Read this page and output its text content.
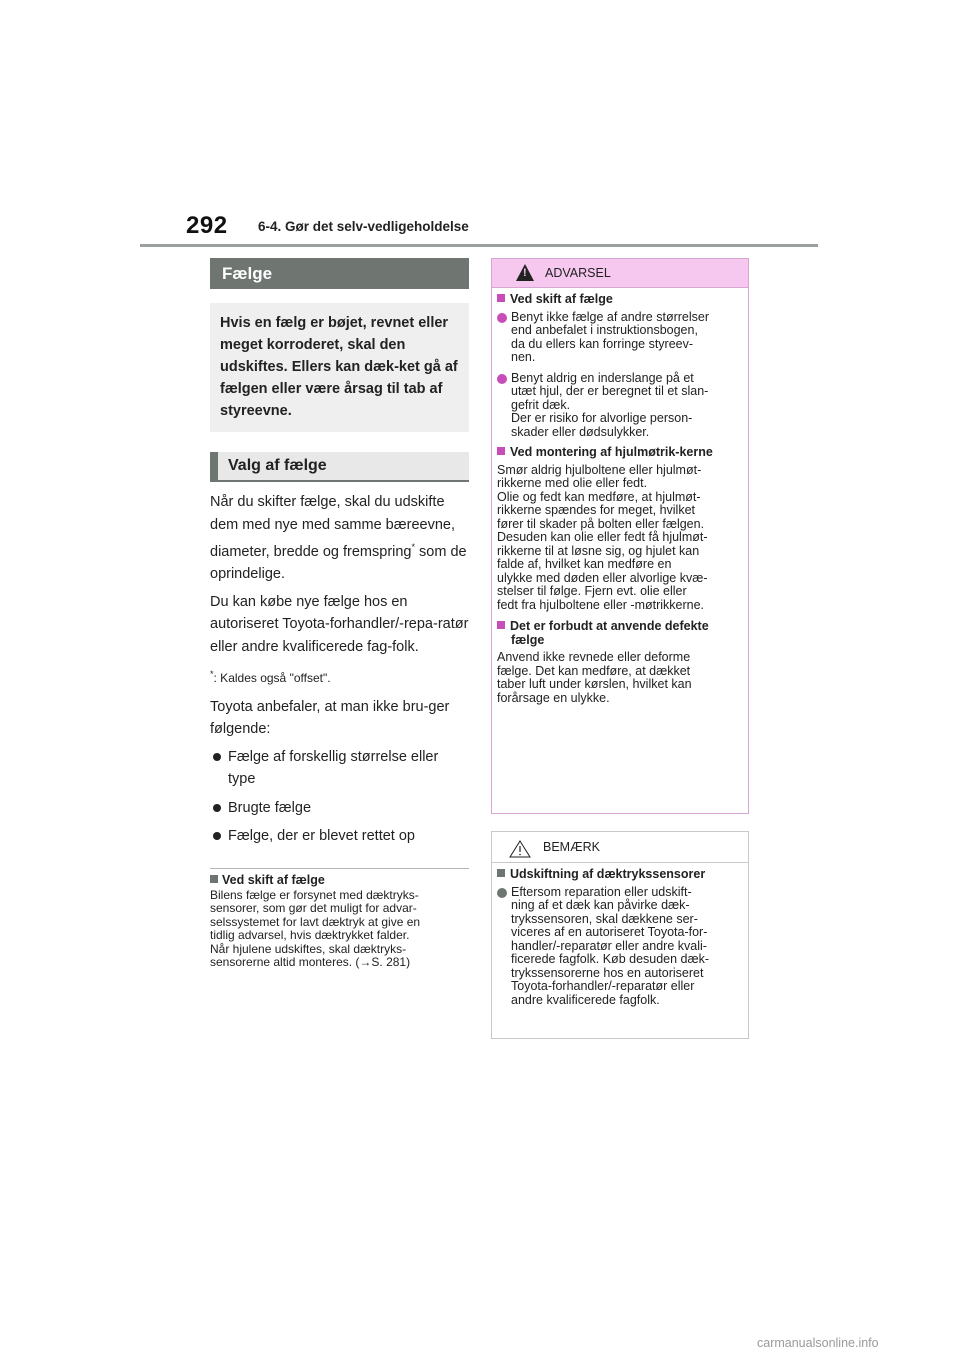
292 6-4. Gør det selv-vedligeholdelse
Fælge
Hvis en fælg er bøjet, revnet eller meget korroderet, skal den udskiftes. Ellers kan dæk-ket gå af fælgen eller være årsag til tab af styreevne.
Valg af fælge

Når du skifter fælge, skal du udskifte dem med nye med samme bæreevne, diameter, bredde og fremspring* som de oprindelige.

Du kan købe nye fælge hos en autoriseret Toyota-forhandler/-repa-ratør eller andre kvalificerede fag-folk.

*: Kaldes også "offset".

Toyota anbefaler, at man ikke bru-ger følgende:

Fælge af forskellig størrelse eller type
Brugte fælge
Fælge, der er blevet rettet op
Ved skift af fælge
Bilens fælge er forsynet med dæktryks-
sensorer, som gør det muligt for advar-
selssystemet for lavt dæktryk at give en
tidlig advarsel, hvis dæktrykket falder.
Når hjulene udskiftes, skal dæktryks-
sensorerne altid monteres. (→S. 281)
!
ADVARSEL
Ved skift af fælge
Benyt ikke fælge af andre størrelser
end anbefalet i instruktionsbogen,
da du ellers kan forringe styreev-
nen.
Benyt aldrig en inderslange på et
utæt hjul, der er beregnet til et slan-
gefrit dæk.
Der er risiko for alvorlige person-
skader eller dødsulykker.
Ved montering af hjulmøtrik-kerne
Smør aldrig hjulboltene eller hjulmøt-
rikkerne med olie eller fedt.
Olie og fedt kan medføre, at hjulmøt-
rikkerne spændes for meget, hvilket
fører til skader på bolten eller fælgen.
Desuden kan olie eller fedt få hjulmøt-
rikkerne til at løsne sig, og hjulet kan
falde af, hvilket kan medføre en
ulykke med døden eller alvorlige kvæ-
stelser til følge. Fjern evt. olie eller
fedt fra hjulboltene eller -møtrikkerne.
Det er forbudt at anvende defekte fælge
Anvend ikke revnede eller deforme
fælge. Det kan medføre, at dækket
taber luft under kørslen, hvilket kan
forårsage en ulykke.
BEMÆRK
Udskiftning af dæktrykssensorer
Eftersom reparation eller udskift-
ning af et dæk kan påvirke dæk-
trykssensoren, skal dækkene ser-
viceres af en autoriseret Toyota-for-
handler/-reparatør eller andre kvali-
ficerede fagfolk. Køb desuden dæk-
trykssensorerne hos en autoriseret
Toyota-forhandler/-reparatør eller
andre kvalificerede fagfolk.
carmanualsonline.info
